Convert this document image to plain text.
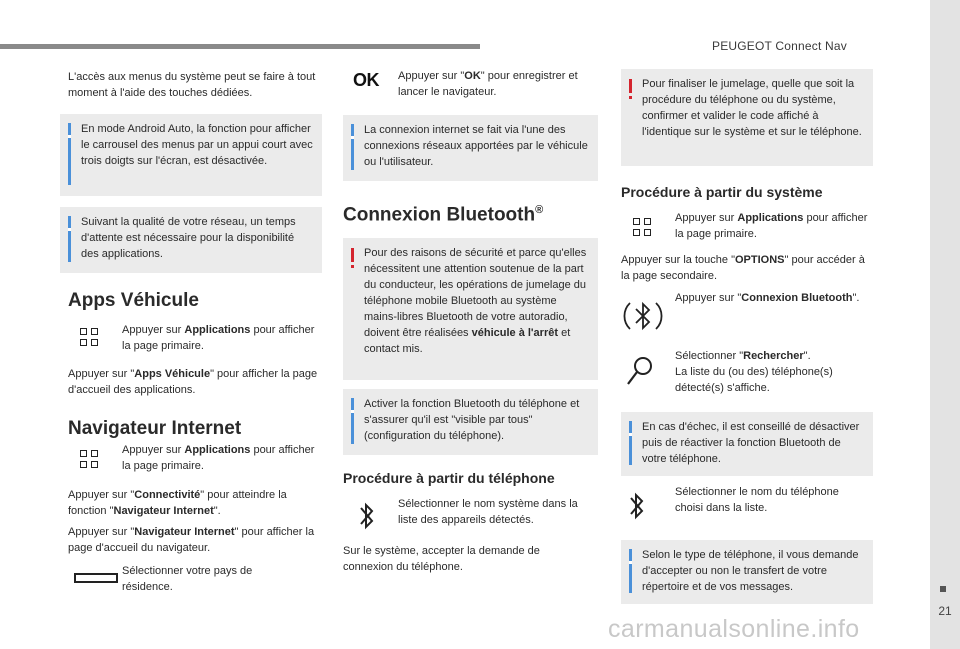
PEUGEOT Connect Nav
21
carmanualsonline.info
L'accès aux menus du système peut se faire à tout moment à l'aide des touches dédiées.
En mode Android Auto, la fonction pour afficher le carrousel des menus par un appui court avec trois doigts sur l'écran, est désactivée.
Suivant la qualité de votre réseau, un temps d'attente est nécessaire pour la disponibilité des applications.
Apps Véhicule
Appuyer sur Applications pour afficher la page primaire.
Appuyer sur "Apps Véhicule" pour afficher la page d'accueil des applications.
Navigateur Internet
Appuyer sur Applications pour afficher la page primaire.
Appuyer sur "Connectivité" pour atteindre la fonction "Navigateur Internet".
Appuyer sur "Navigateur Internet" pour afficher la page d'accueil du navigateur.
Sélectionner votre pays de résidence.
OK Appuyer sur "OK" pour enregistrer et lancer le navigateur.
La connexion internet se fait via l'une des connexions réseaux apportées par le véhicule ou l'utilisateur.
Connexion Bluetooth®
Pour des raisons de sécurité et parce qu'elles nécessitent une attention soutenue de la part du conducteur, les opérations de jumelage du téléphone mobile Bluetooth au système mains-libres Bluetooth de votre autoradio, doivent être réalisées véhicule à l'arrêt et contact mis.
Activer la fonction Bluetooth du téléphone et s'assurer qu'il est "visible par tous" (configuration du téléphone).
Procédure à partir du téléphone
Sélectionner le nom système dans la liste des appareils détectés.
Sur le système, accepter la demande de connexion du téléphone.
Pour finaliser le jumelage, quelle que soit la procédure du téléphone ou du système, confirmer et valider le code affiché à l'identique sur le système et sur le téléphone.
Procédure à partir du système
Appuyer sur Applications pour afficher la page primaire.
Appuyer sur la touche "OPTIONS" pour accéder à la page secondaire.
Appuyer sur "Connexion Bluetooth".
Sélectionner "Rechercher".
La liste du (ou des) téléphone(s) détecté(s) s'affiche.
En cas d'échec, il est conseillé de désactiver puis de réactiver la fonction Bluetooth de votre téléphone.
Sélectionner le nom du téléphone choisi dans la liste.
Selon le type de téléphone, il vous demande d'accepter ou non le transfert de votre répertoire et de vos messages.
